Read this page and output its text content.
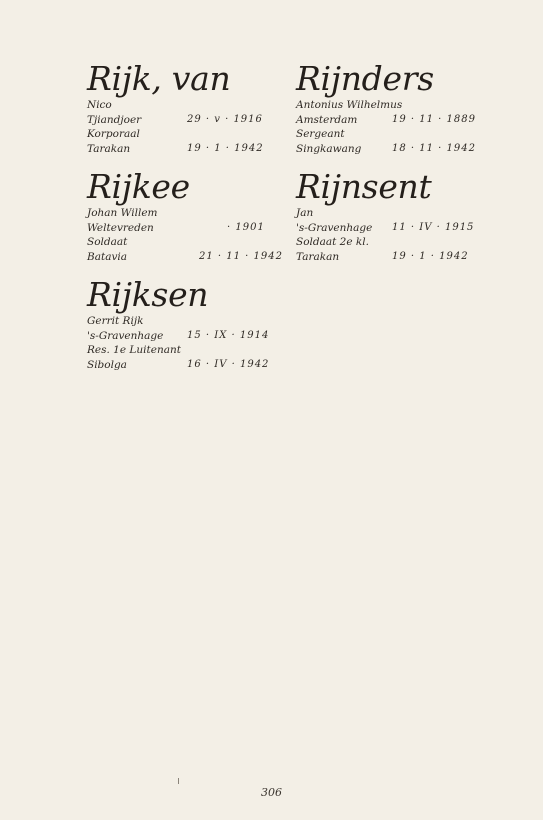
Rijk, van
Nico
Tjiandjoer	29 · v · 1916
Korporaal
Tarakan	19 · 1 · 1942
Rijkee
Johan Willem
Weltevreden	· 1901
Soldaat
Batavia	21 · 11 · 1942
Rijksen
Gerrit Rijk
's-Gravenhage 15 · IX · 1914
Res. 1e Luitenant
Sibolga	16 · IV · 1942
Rijnders
Antonius Wilhelmus
Amsterdam	19 · 11 · 1889
Sergeant
Singkawang	18 · 11 · 1942
Rijnsent
Jan
's-Gravenhage 11 · IV · 1915
Soldaat 2e kl.
Tarakan	19 · 1 · 1942
306
